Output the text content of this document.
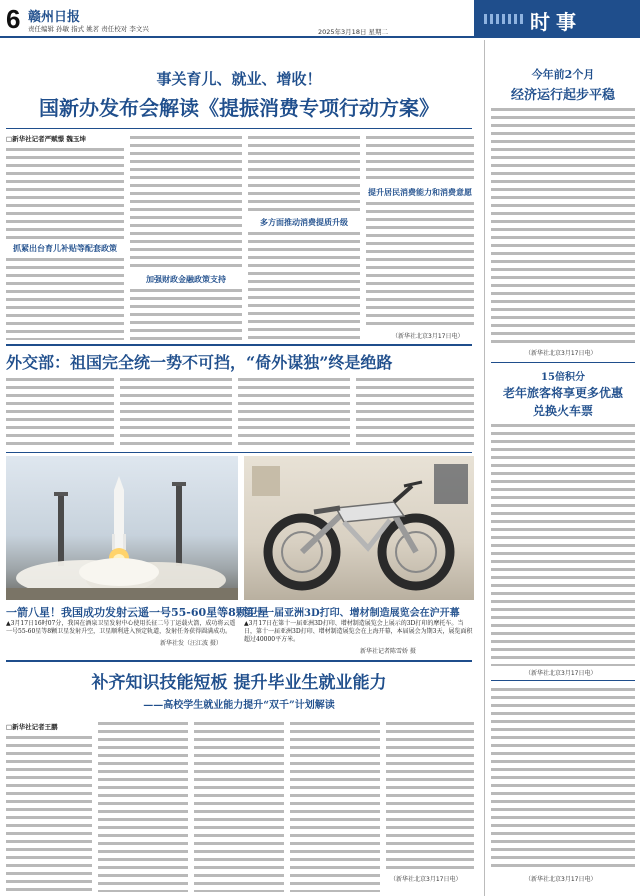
6 赣州日报
责任编辑 孙敏 指式 姚茗 责任校对 李文兴	2025年3月18日 星期二	时事
事关育儿、就业、增收！
国新办发布会解读《提振消费专项行动方案》
□新华社记者严赋憬 魏玉坤
抓紧出台育儿补贴等配套政策
加强财政金融政策支持
多方面推动消费提质升级
提升居民消费能力和消费意愿
（新华社北京3月17日电）
外交部：祖国完全统一势不可挡，“倚外谋独”终是绝路
一箭八星！我国成功发射云遥一号55-60星等8颗卫星
▲3月17日16时07分，我国在酒泉卫星发射中心使用长征二号丁运载火箭，成功将云遥一号55-60星等8颗卫星发射升空，卫星顺利进入预定轨道，发射任务获得圆满成功。
新华社发（汪江波 摄）
第十一届亚洲3D打印、增材制造展览会在沪开幕
▲3月17日在第十一届亚洲3D打印、增材制造展览会上展示的3D打印的摩托车。当日，第十一届亚洲3D打印、增材制造展览会在上海开幕，本届展会为期3天，展览面积超过40000平方米。
新华社记者陈雪娇 摄
补齐知识技能短板 提升毕业生就业能力
——高校学生就业能力提升“双千”计划解读
□新华社记者王鹏
（新华社北京3月17日电）
今年前2个月
经济运行起步平稳
（新华社北京3月17日电）
15倍积分
老年旅客将享更多优惠
兑换火车票
（新华社北京3月17日电）
（新华社北京3月17日电）
